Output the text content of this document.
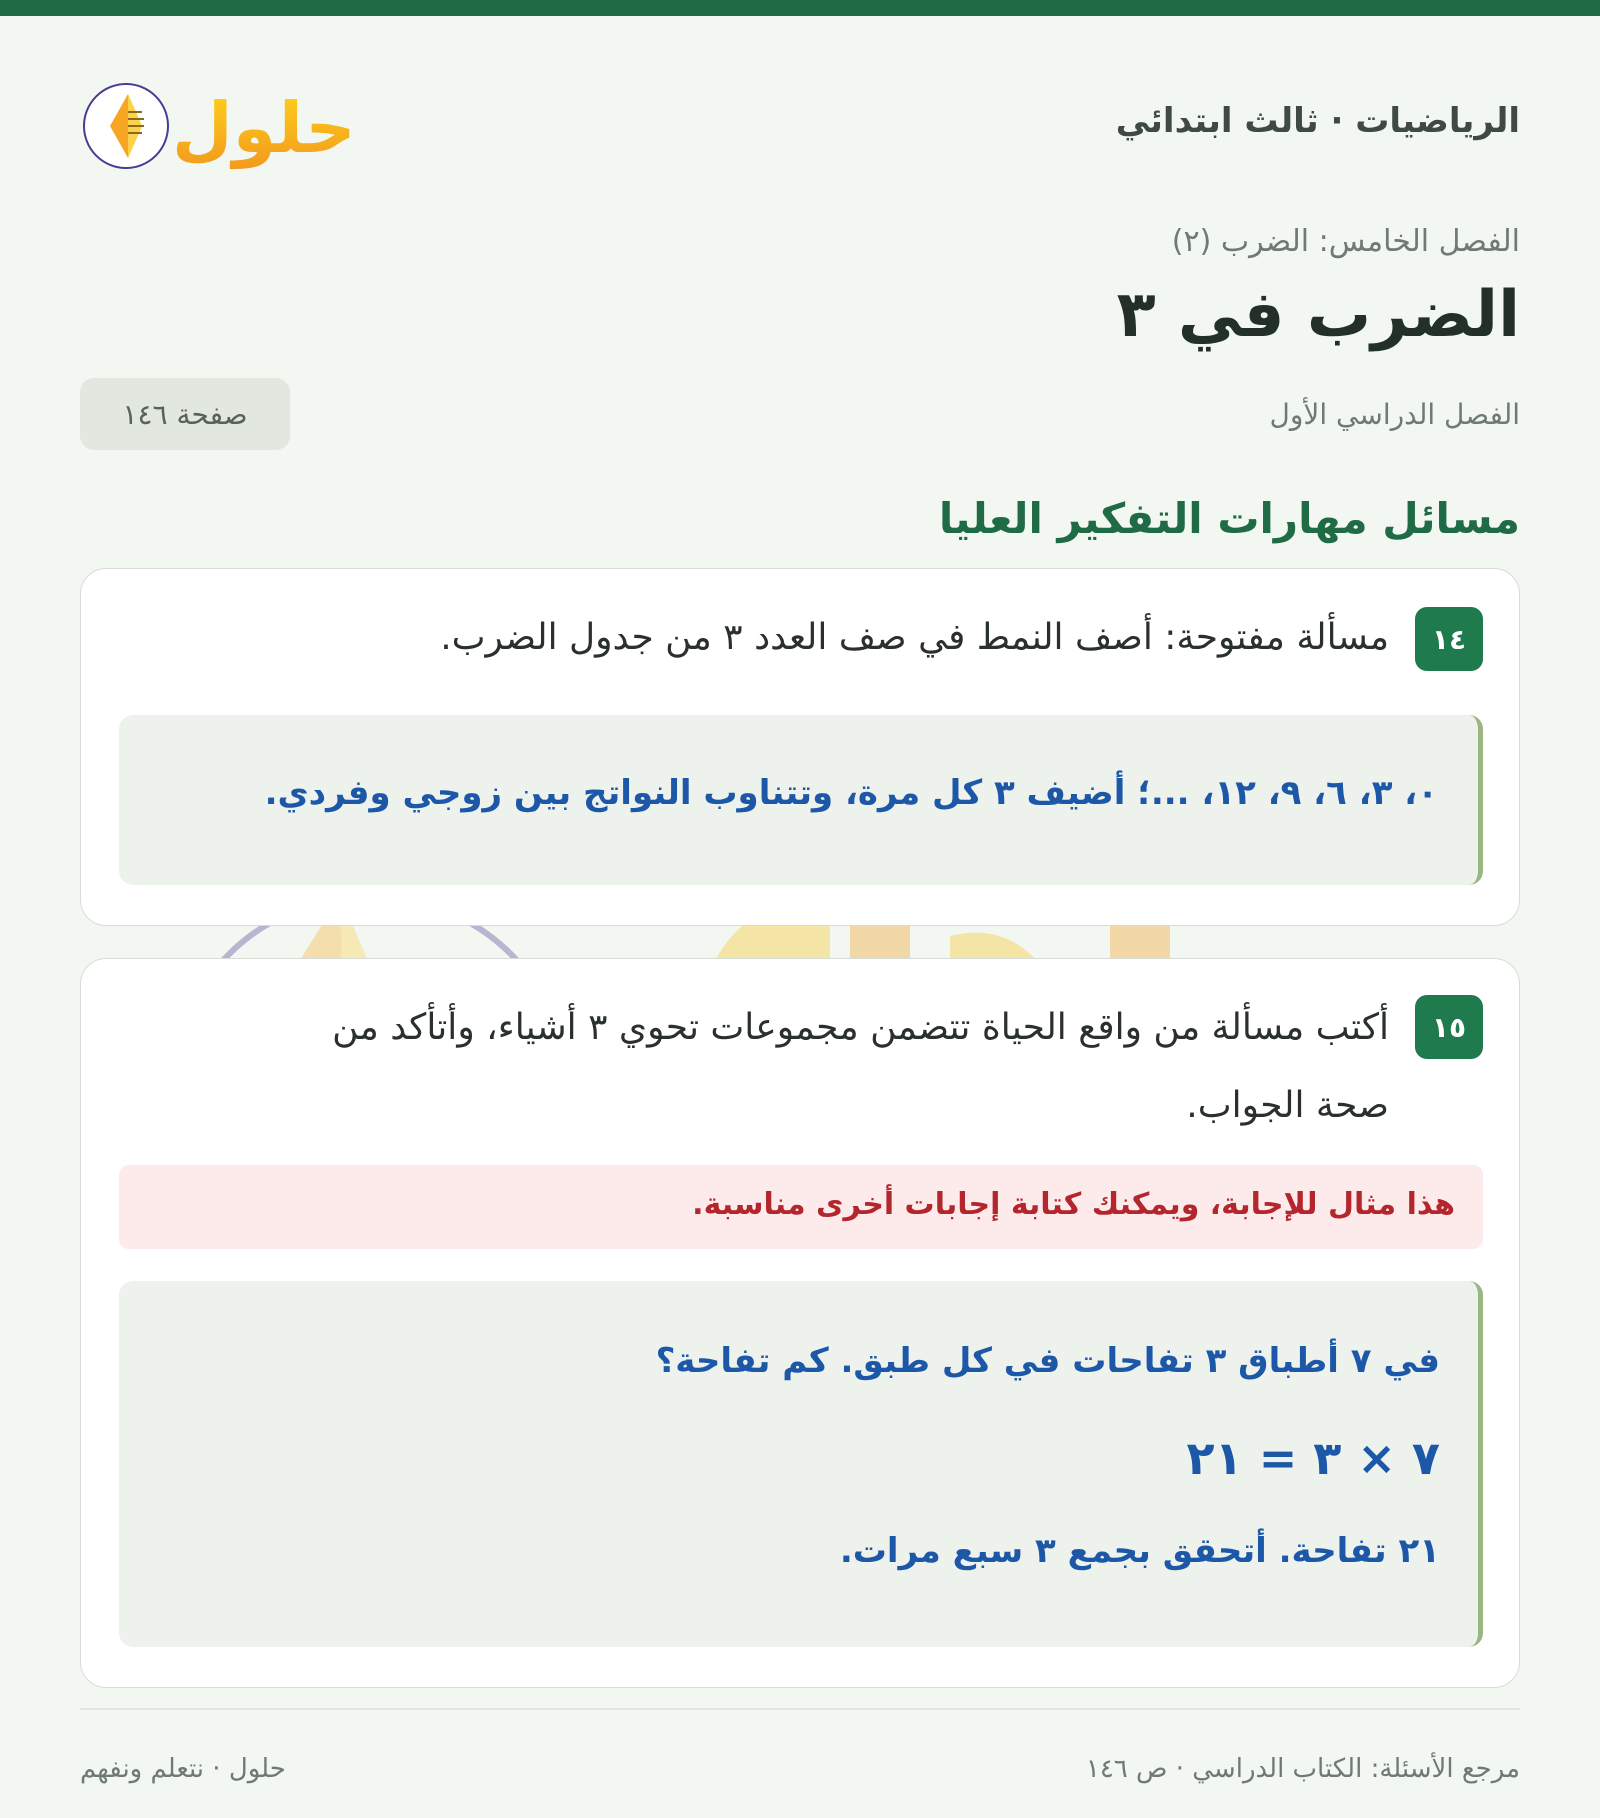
حلول	الرياضيات · ثالث ابتدائي
الفصل الخامس: الضرب (٢)
الضرب في ٣
الفصل الدراسي الأول
صفحة ١٤٦
مسائل مهارات التفكير العليا
١٤
مسألة مفتوحة: أصف النمط في صف العدد ٣ من جدول الضرب.
٠، ٣، ٦، ٩، ١٢، ...؛ أضيف ٣ كل مرة، وتتناوب النواتج بين زوجي وفردي.
١٥
أكتب مسألة من واقع الحياة تتضمن مجموعات تحوي ٣ أشياء، وأتأكد من
صحة الجواب.
هذا مثال للإجابة، ويمكنك كتابة إجابات أخرى مناسبة.
في ٧ أطباق ٣ تفاحات في كل طبق. كم تفاحة؟
٧ × ٣ = ٢١
٢١ تفاحة. أتحقق بجمع ٣ سبع مرات.
مرجع الأسئلة: الكتاب الدراسي · ص ١٤٦
حلول · نتعلم ونفهم
